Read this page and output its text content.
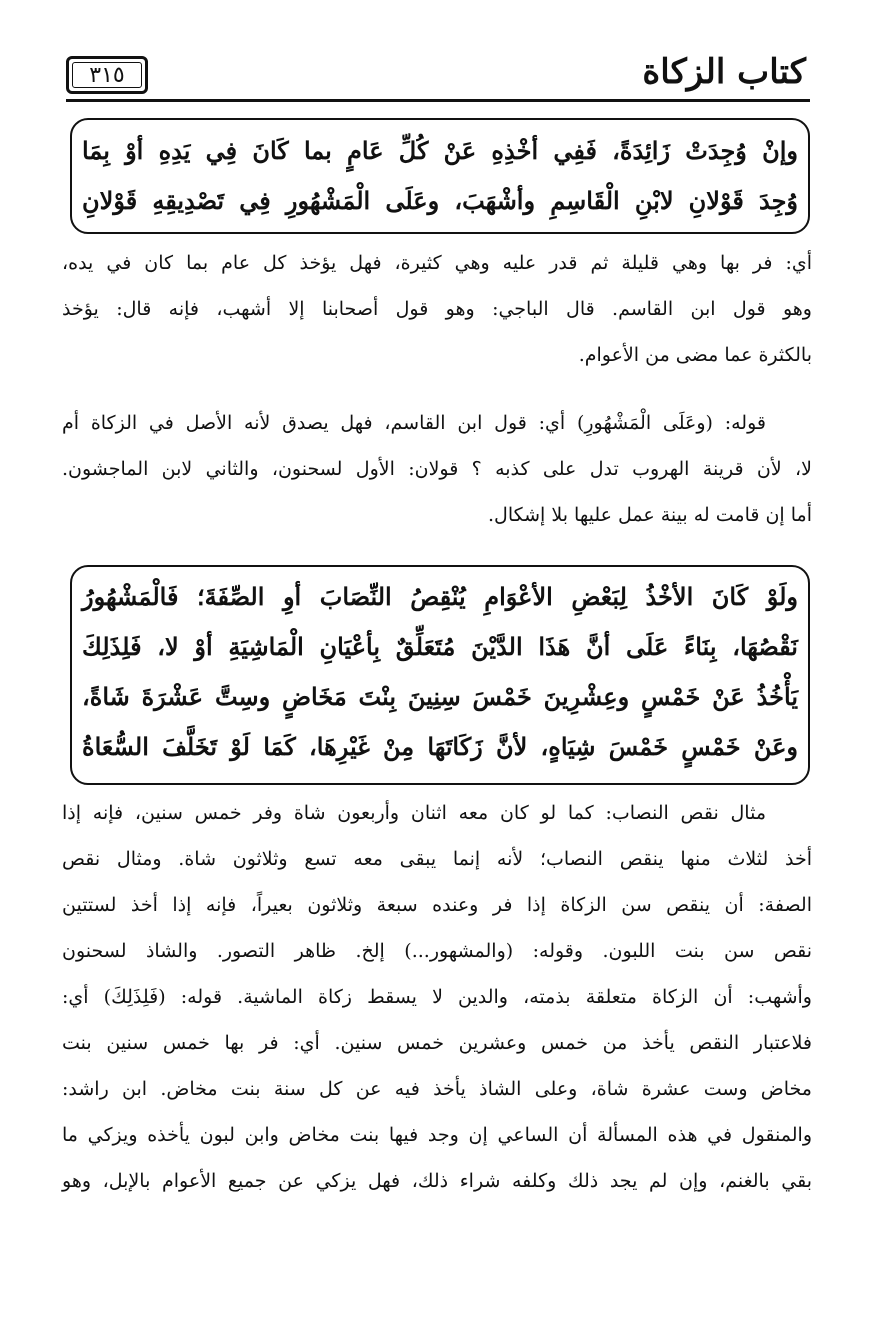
٣١٥	كتاب الزكاة

وإنْ وُجِدَتْ زَائِدَةً، فَفِي أخْذِهِ عَنْ كُلِّ عَامٍ بما كَانَ فِي يَدِهِ أوْ بِمَا

وُجِدَ قَوْلانِ لابْنِ الْقَاسِمِ وأشْهَبَ، وعَلَى الْمَشْهُورِ فِي تَصْدِيقِهِ قَوْلانِ

أي: فر بها وهي قليلة ثم قدر عليه وهي كثيرة، فهل يؤخذ كل عام بما كان في يده،

وهو قول ابن القاسم. قال الباجي: وهو قول أصحابنا إلا أشهب، فإنه قال: يؤخذ

بالكثرة عما مضى من الأعوام.

قوله: (وعَلَى الْمَشْهُورِ) أي: قول ابن القاسم، فهل يصدق لأنه الأصل في الزكاة أم

لا، لأن قرينة الهروب تدل على كذبه ؟ قولان: الأول لسحنون، والثاني لابن الماجشون.

أما إن قامت له بينة عمل عليها بلا إشكال.

ولَوْ كَانَ الأخْذُ لِبَعْضِ الأعْوَامِ يُنْقِصُ النِّصَابَ أوِ الصِّفَةَ؛ فَالْمَشْهُورُ

نَقْصُهَا، بِنَاءً عَلَى أنَّ هَذَا الدَّيْنَ مُتَعَلِّقٌ بِأعْيَانِ الْمَاشِيَةِ أوْ لا، فَلِذَلِكَ

يَأْخُذُ عَنْ خَمْسٍ وعِشْرِينَ خَمْسَ سِنِينَ بِنْتَ مَخَاضٍ وسِتَّ عَشْرَةَ شَاةً،

وعَنْ خَمْسٍ خَمْسَ شِيَاهٍ، لأنَّ زَكَاتَهَا مِنْ غَيْرِهَا، كَمَا لَوْ تَخَلَّفَ السُّعَاةُ

مثال نقص النصاب: كما لو كان معه اثنان وأربعون شاة وفر خمس سنين، فإنه إذا

أخذ لثلاث منها ينقص النصاب؛ لأنه إنما يبقى معه تسع وثلاثون شاة. ومثال نقص

الصفة: أن ينقص سن الزكاة إذا فر وعنده سبعة وثلاثون بعيراً، فإنه إذا أخذ لستتين

نقص سن بنت اللبون. وقوله: (والمشهور...) إلخ. ظاهر التصور. والشاذ لسحنون

وأشهب: أن الزكاة متعلقة بذمته، والدين لا يسقط زكاة الماشية. قوله: (فَلِذَلِكَ) أي:

فلاعتبار النقص يأخذ من خمس وعشرين خمس سنين. أي: فر بها خمس سنين بنت

مخاض وست عشرة شاة، وعلى الشاذ يأخذ فيه عن كل سنة بنت مخاض. ابن راشد:

والمنقول في هذه المسألة أن الساعي إن وجد فيها بنت مخاض وابن لبون يأخذه ويزكي ما

بقي بالغنم، وإن لم يجد ذلك وكلفه شراء ذلك، فهل يزكي عن جميع الأعوام بالإبل، وهو
